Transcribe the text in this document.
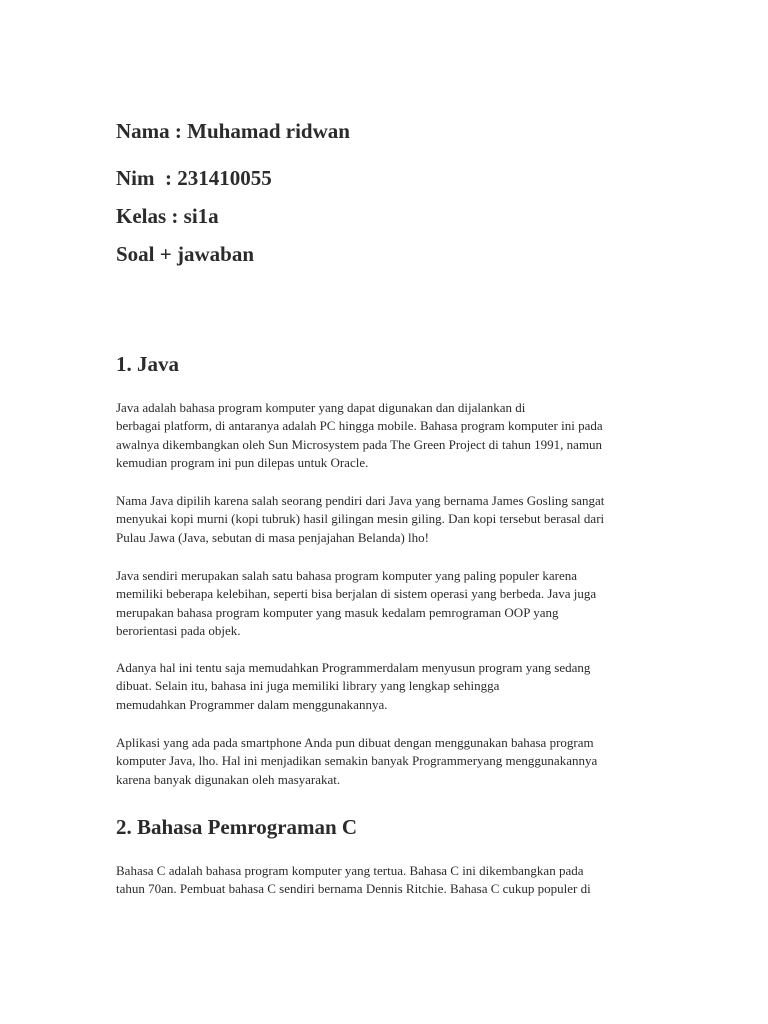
Nama : Muhamad ridwan

Nim  : 231410055

Kelas : si1a

Soal + jawaban

1. Java

Java adalah bahasa program komputer yang dapat digunakan dan dijalankan di
berbagai platform, di antaranya adalah PC hingga mobile. Bahasa program komputer ini pada
awalnya dikembangkan oleh Sun Microsystem pada The Green Project di tahun 1991, namun
kemudian program ini pun dilepas untuk Oracle.

Nama Java dipilih karena salah seorang pendiri dari Java yang bernama James Gosling sangat
menyukai kopi murni (kopi tubruk) hasil gilingan mesin giling. Dan kopi tersebut berasal dari
Pulau Jawa (Java, sebutan di masa penjajahan Belanda) lho!

Java sendiri merupakan salah satu bahasa program komputer yang paling populer karena
memiliki beberapa kelebihan, seperti bisa berjalan di sistem operasi yang berbeda. Java juga
merupakan bahasa program komputer yang masuk kedalam pemrograman OOP yang
berorientasi pada objek.

Adanya hal ini tentu saja memudahkan Programmerdalam menyusun program yang sedang
dibuat. Selain itu, bahasa ini juga memiliki library yang lengkap sehingga
memudahkan Programmer dalam menggunakannya.

Aplikasi yang ada pada smartphone Anda pun dibuat dengan menggunakan bahasa program
komputer Java, lho. Hal ini menjadikan semakin banyak Programmeryang menggunakannya
karena banyak digunakan oleh masyarakat.

2. Bahasa Pemrograman C

Bahasa C adalah bahasa program komputer yang tertua. Bahasa C ini dikembangkan pada
tahun 70an. Pembuat bahasa C sendiri bernama Dennis Ritchie. Bahasa C cukup populer di
